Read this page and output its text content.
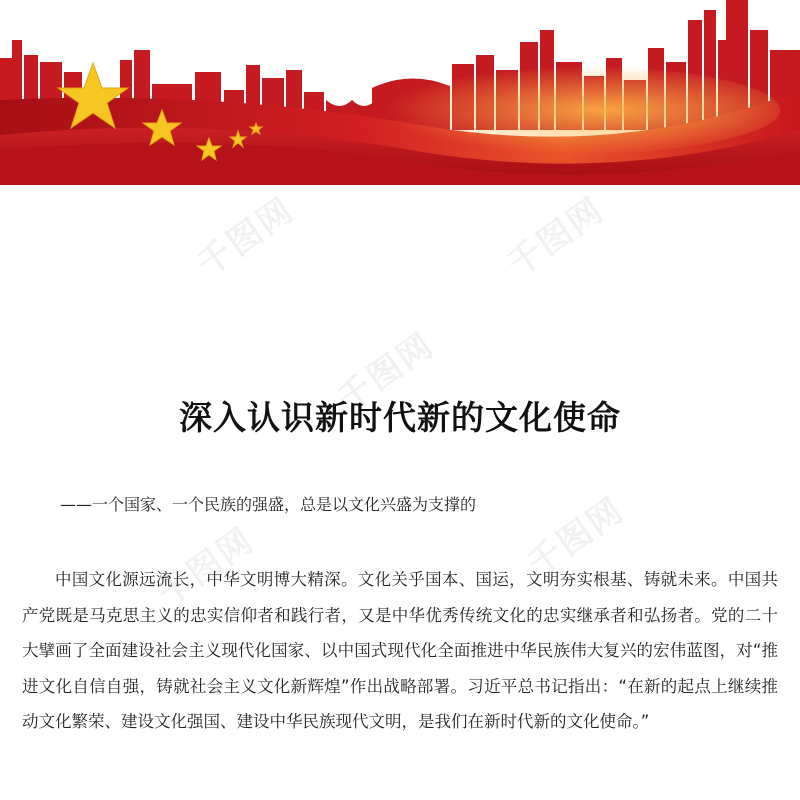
千图网	千图网
千图网
千图网
千图网
深入认识新时代新的文化使命
——一个国家、一个民族的强盛，总是以文化兴盛为支撑的
中国文化源远流长，中华文明博大精深。文化关乎国本、国运，文明夯实根基、铸就未来。中国共产党既是马克思主义的忠实信仰者和践行者，又是中华优秀传统文化的忠实继承者和弘扬者。党的二十大擘画了全面建设社会主义现代化国家、以中国式现代化全面推进中华民族伟大复兴的宏伟蓝图，对“推进文化自信自强，铸就社会主义文化新辉煌”作出战略部署。习近平总书记指出：“在新的起点上继续推动文化繁荣、建设文化强国、建设中华民族现代文明，是我们在新时代新的文化使命。”
